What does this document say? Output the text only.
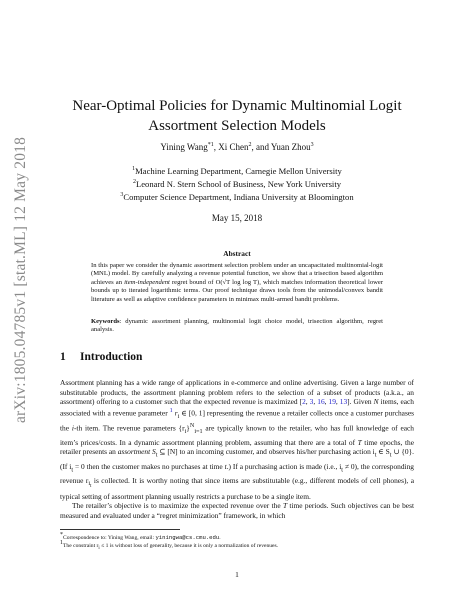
arXiv:1805.04785v1 [stat.ML] 12 May 2018
Near-Optimal Policies for Dynamic Multinomial Logit
Assortment Selection Models
Yining Wang$^{*1}$, Xi Chen$^2$, and Yuan Zhou$^3$
$^1$Machine Learning Department, Carnegie Mellon University
$^2$Leonard N. Stern School of Business, New York University
$^3$Computer Science Department, Indiana University at Bloomington
May 15, 2018
Abstract
In this paper we consider the dynamic assortment selection problem under an uncapacitated multinomial-logit (MNL) model. By carefully analyzing a revenue potential function, we show that a trisection based algorithm achieves an item-independent regret bound of O(√T log log T), which matches information theoretical lower bounds up to iterated logarithmic terms. Our proof technique draws tools from the unimodal/convex bandit literature as well as adaptive confidence parameters in minimax multi-armed bandit problems.
Keywords: dynamic assortment planning, multinomial logit choice model, trisection algorithm, regret analysis.
1 Introduction

Assortment planning has a wide range of applications in e-commerce and online advertising. Given a large number of substitutable products, the assortment planning problem refers to the selection of a subset of products (a.k.a., an assortment) offering to a customer such that the expected revenue is maximized [2, 3, 16, 19, 13]. Given N items, each associated with a revenue parameter $^1$ $r_i$ ∈ [0, 1] representing the revenue a retailer collects once a customer purchases the i-th item. The revenue parameters $\{r_i\}^N_{i=1}$ are typically known to the retailer, who has full knowledge of each item’s prices/costs. In a dynamic assortment planning problem, assuming that there are a total of T time epochs, the retailer presents an assortment $S_t$ ⊆ [N] to an incoming customer, and observes his/her purchasing action $i_t$ ∈ $S_t$ ∪ {0}. (If $i_t = 0$ then the customer makes no purchases at time t.) If a purchasing action is made (i.e., $i_t \ne 0$), the corresponding revenue $r_{i_t}$ is collected. It is worthy noting that since items are substitutable (e.g., different models of cell phones), a typical setting of assortment planning usually restricts a purchase to be a single item.

The retailer’s objective is to maximize the expected revenue over the T time periods. Such objectives can be best measured and evaluated under a “regret minimization” framework, in which

*Correspondence to: Yining Wang, email: yiningwa@cs.cmu.edu.
$^1$The constraint $r_i \le 1$ is without loss of generality, because it is only a normalization of revenues.
1
